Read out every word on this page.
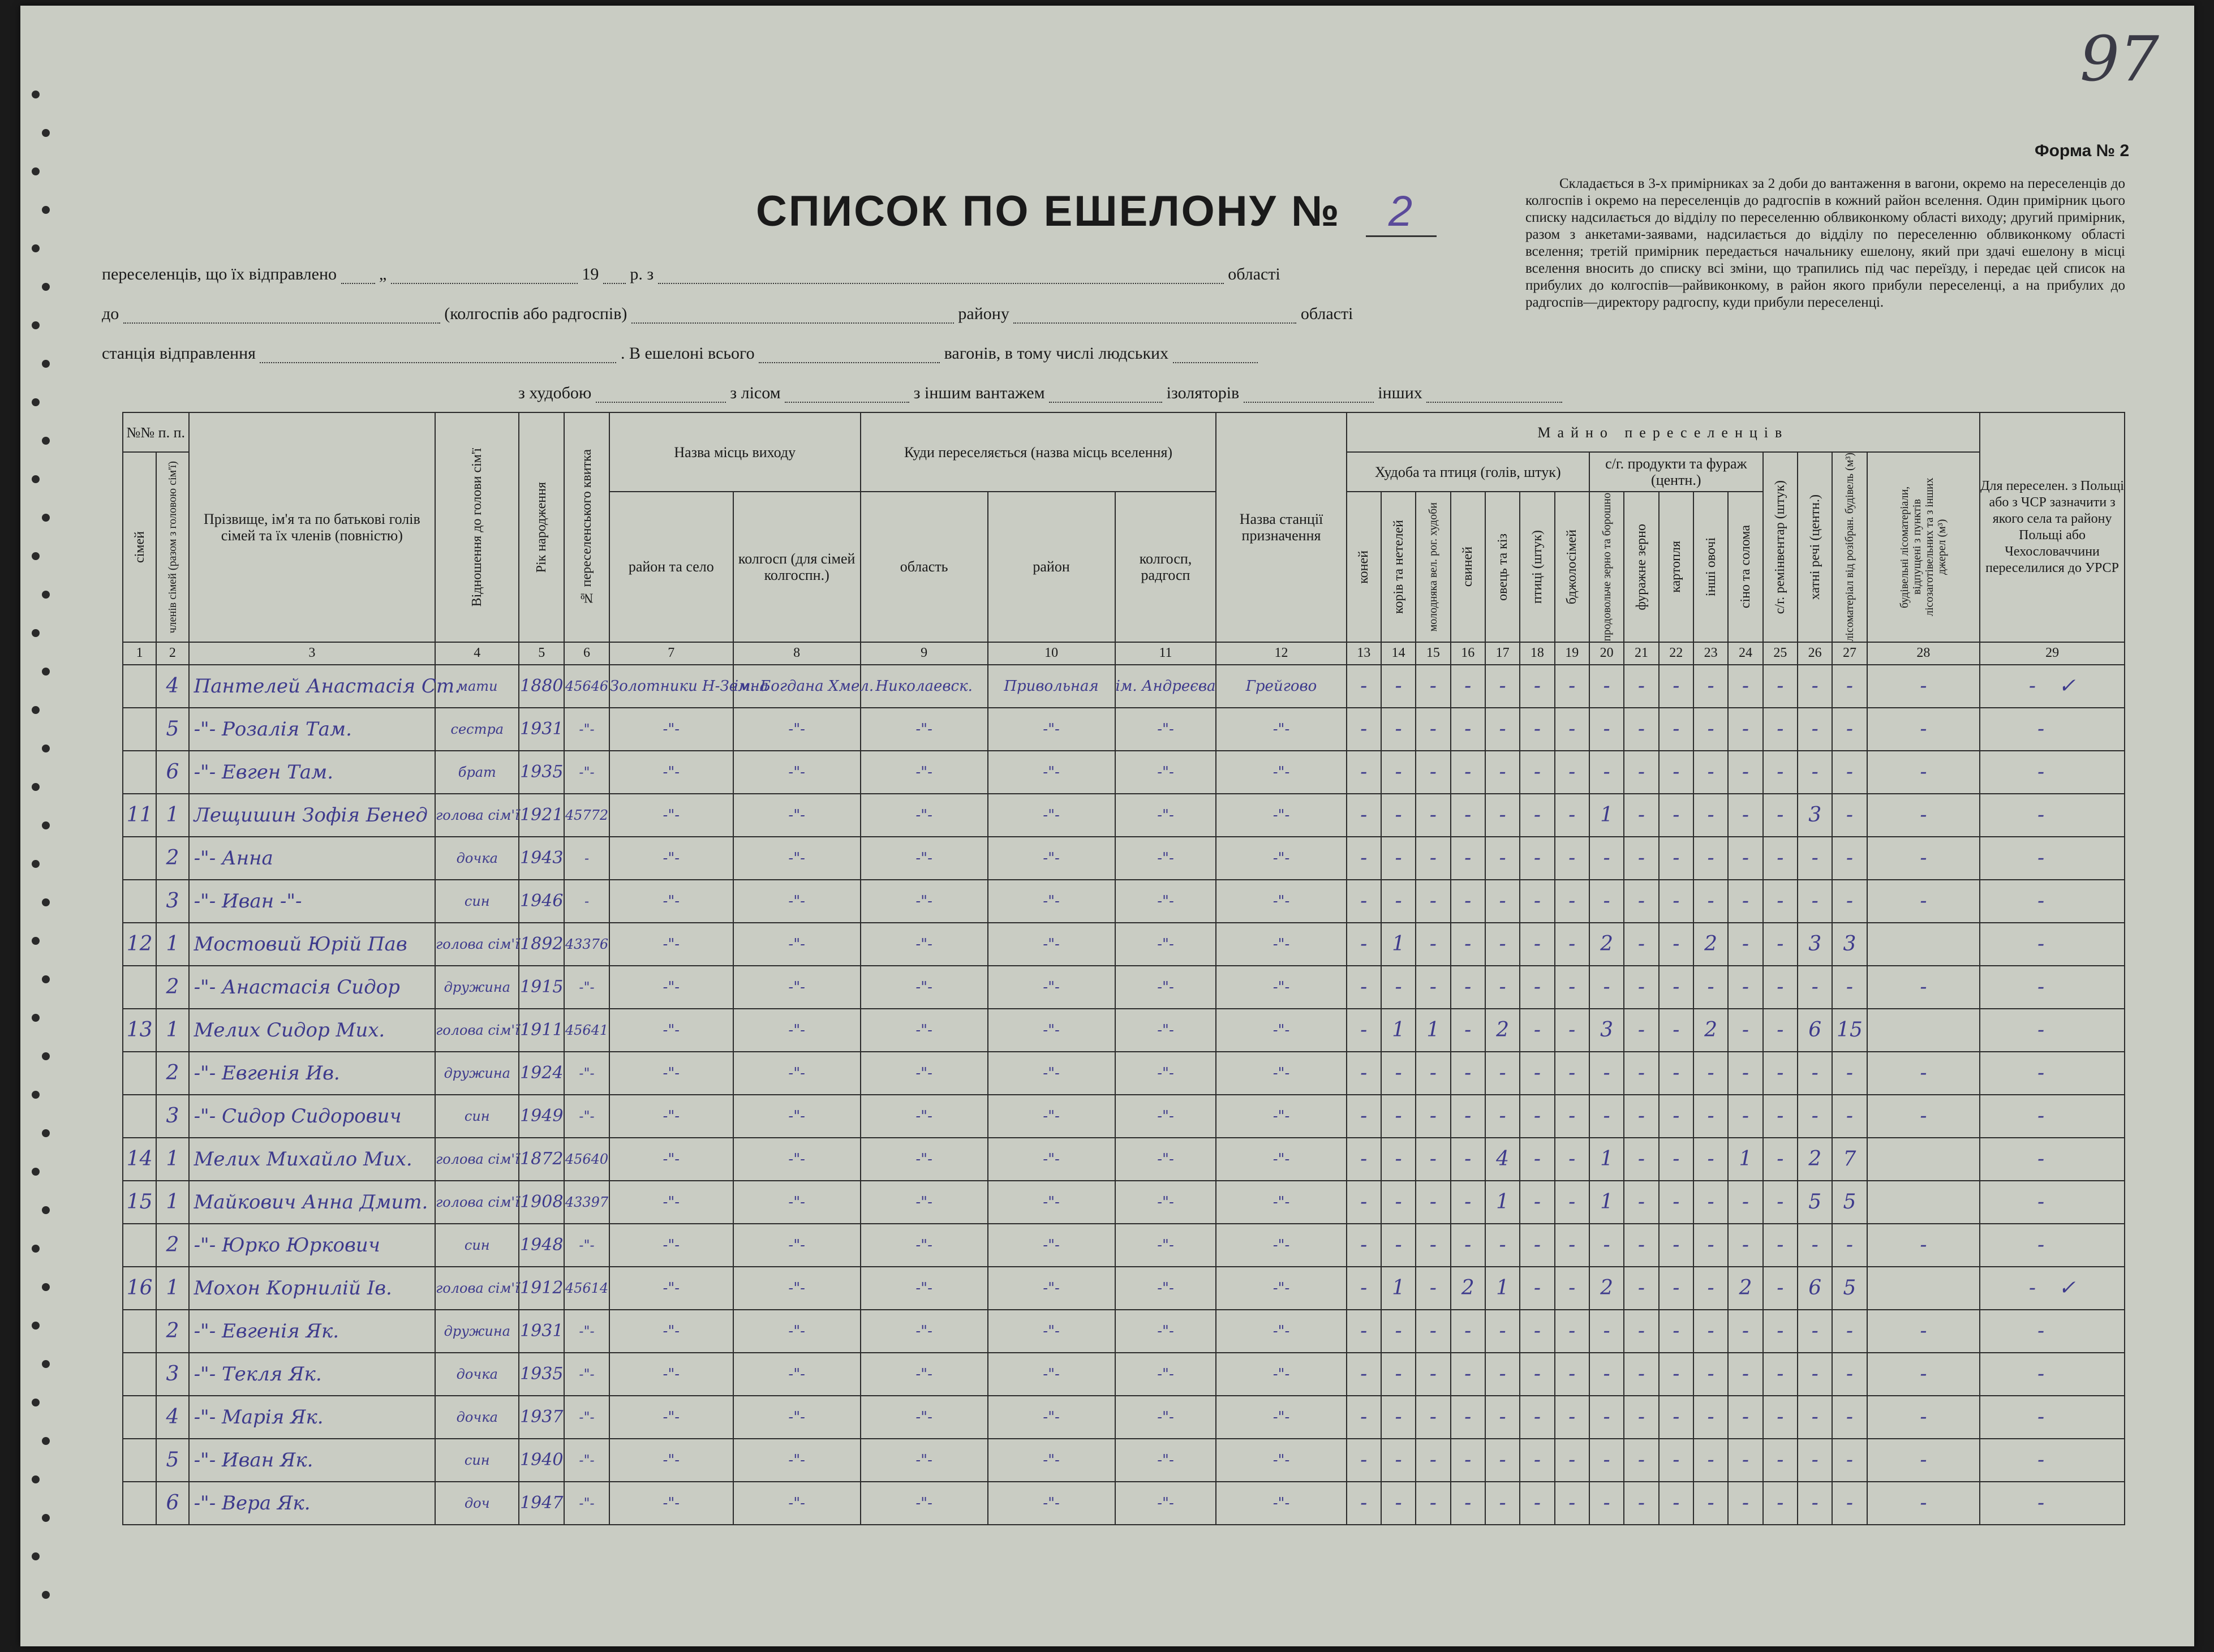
97
Форма № 2
СПИСОК ПО ЕШЕЛОНУ № 2
Складається в 3-х примірниках за 2 доби до вантаження в вагони, окремо на переселенців до колгоспів і окремо на переселенців до радгоспів в кожний район вселення. Один примірник цього списку надсилається до відділу по переселенню облвиконкому області виходу; другий примірник, разом з анкетами-заявами, надсилається до відділу по переселенню облвиконкому області вселення; третій примірник передається начальнику ешелону, який при здачі ешелону в місці вселення вносить до списку всі зміни, що трапились під час переїзду, і передає цей список на прибулих до колгоспів—райвиконкому, в район якого прибули переселенці, а на прибулих до радгоспів—директору радгоспу, куди прибули переселенці.
переселенців, що їх відправлено	„	19 р. з	області
до	(колгоспів або радгоспів)	району	області
станція відправлення	. В ешелоні всього	вагонів, в тому числі людських
з худобою	з лісом	з іншим вантажем	ізоляторів	інших
№№ п. п.		Прізвище, ім'я та по батькові голів сімей та їх членів (повністю)	Відношення до голови сім'ї	Рік народження	№ переселенського квитка	Назва місць виходу		Куди переселяється (назва місць вселення)			Назва станції призначення	Майно переселенців																Для переселен. з Польщі або з ЧСР зазначити з якого села та району Польщі або Чехословаччини переселилися до УРСР

сімей	членів сімей (разом з головою сім'ї)											Худоба та птиця (голів, штук)							с/г. продукти та фураж (центн.)					с/г. ремінвентар (штук)	хатні речі (центн.)	лісоматеріал від розібран. будівель (м³)	будівельні лісоматеріали, відпущені з пунктів лісозаготівельних та з інших джерел (м³)	

						район та село	колгосп (для сімей колгоспн.)	область	район	колгосп, радгосп		коней	корів та нетелей	молодняка вел. рог. худоби	свиней	овець та кіз	птиці (штук)	бджолосімей	продовольче зерно та борошно	фуражне зерно	картопля	інші овочі	сіно та солома					

1	2	3	4	5	6	7	8	9	10	11	12	13	14	15	16	17	18	19	20	21	22	23	24	25	26	27	28	29
	4	Пантелей Анастасія Ст.	мати	1880	45646	Золотники Н-Земна	ім. Богдана Хмел.	Николаевск.	Привольная	ім. Андреєва	Грейгово	-	-	-	-	-	-	-	-	-	-	-	-	-	-	-	-	- ✓
	5	-"- Розалія Там.	сестра	1931	-"-	-"-	-"-	-"-	-"-	-"-	-"-	-	-	-	-	-	-	-	-	-	-	-	-	-	-	-	-	-
	6	-"- Евген Там.	брат	1935	-"-	-"-	-"-	-"-	-"-	-"-	-"-	-	-	-	-	-	-	-	-	-	-	-	-	-	-	-	-	-
11	1	Лещишин Зофія Бенед	голова сім'ї	1921	45772	-"-	-"-	-"-	-"-	-"-	-"-	-	-	-	-	-	-	-	1	-	-	-	-	-	3	-	-	-
	2	-"- Анна	дочка	1943	-	-"-	-"-	-"-	-"-	-"-	-"-	-	-	-	-	-	-	-	-	-	-	-	-	-	-	-	-	-
	3	-"- Иван -"-	син	1946	-	-"-	-"-	-"-	-"-	-"-	-"-	-	-	-	-	-	-	-	-	-	-	-	-	-	-	-	-	-
12	1	Мостовий Юрій Пав	голова сім'ї	1892	43376	-"-	-"-	-"-	-"-	-"-	-"-	-	1	-	-	-	-	-	2	-	-	2	-	-	3	3		-
	2	-"- Анастасія Сидор	дружина	1915	-"-	-"-	-"-	-"-	-"-	-"-	-"-	-	-	-	-	-	-	-	-	-	-	-	-	-	-	-	-	-
13	1	Мелих Сидор Мих.	голова сім'ї	1911	45641	-"-	-"-	-"-	-"-	-"-	-"-	-	1	1	-	2	-	-	3	-	-	2	-	-	6	15		-
	2	-"- Евгенія Ив.	дружина	1924	-"-	-"-	-"-	-"-	-"-	-"-	-"-	-	-	-	-	-	-	-	-	-	-	-	-	-	-	-	-	-
	3	-"- Сидор Сидорович	син	1949	-"-	-"-	-"-	-"-	-"-	-"-	-"-	-	-	-	-	-	-	-	-	-	-	-	-	-	-	-	-	-
14	1	Мелих Михайло Мих.	голова сім'ї	1872	45640	-"-	-"-	-"-	-"-	-"-	-"-	-	-	-	-	4	-	-	1	-	-	-	1	-	2	7		-
15	1	Майкович Анна Дмит.	голова сім'ї	1908	43397	-"-	-"-	-"-	-"-	-"-	-"-	-	-	-	-	1	-	-	1	-	-	-	-	-	5	5		-
	2	-"- Юрко Юркович	син	1948	-"-	-"-	-"-	-"-	-"-	-"-	-"-	-	-	-	-	-	-	-	-	-	-	-	-	-	-	-	-	-
16	1	Мохон Корнилій Ів.	голова сім'ї	1912	45614	-"-	-"-	-"-	-"-	-"-	-"-	-	1	-	2	1	-	-	2	-	-	-	2	-	6	5		- ✓
	2	-"- Евгенія Як.	дружина	1931	-"-	-"-	-"-	-"-	-"-	-"-	-"-	-	-	-	-	-	-	-	-	-	-	-	-	-	-	-	-	-
	3	-"- Текля Як.	дочка	1935	-"-	-"-	-"-	-"-	-"-	-"-	-"-	-	-	-	-	-	-	-	-	-	-	-	-	-	-	-	-	-
	4	-"- Марія Як.	дочка	1937	-"-	-"-	-"-	-"-	-"-	-"-	-"-	-	-	-	-	-	-	-	-	-	-	-	-	-	-	-	-	-
	5	-"- Иван Як.	син	1940	-"-	-"-	-"-	-"-	-"-	-"-	-"-	-	-	-	-	-	-	-	-	-	-	-	-	-	-	-	-	-
	6	-"- Вера Як.	доч	1947	-"-	-"-	-"-	-"-	-"-	-"-	-"-	-	-	-	-	-	-	-	-	-	-	-	-	-	-	-	-	-
